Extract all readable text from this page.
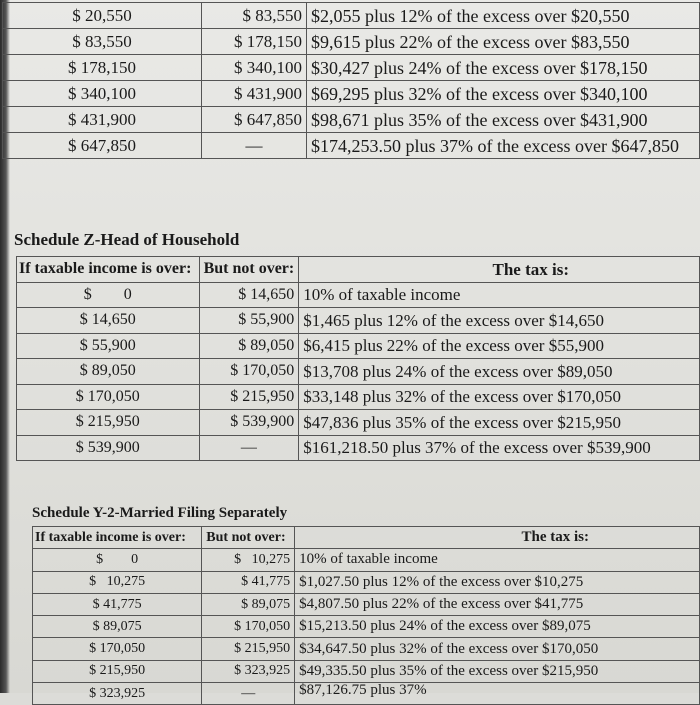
$ 20,550	$ 83,550	$2,055 plus 12% of the excess over $20,550
$ 83,550	$ 178,150	$9,615 plus 22% of the excess over $83,550
$ 178,150	$ 340,100	$30,427 plus 24% of the excess over $178,150
$ 340,100	$ 431,900	$69,295 plus 32% of the excess over $340,100
$ 431,900	$ 647,850	$98,671 plus 35% of the excess over $431,900
$ 647,850	—	$174,253.50 plus 37% of the excess over $647,850
Schedule Z-Head of Household
If taxable income is over:	But not over:	The tax is:
$        0	$ 14,650	10% of taxable income
$ 14,650	$ 55,900	$1,465 plus 12% of the excess over $14,650
$ 55,900	$ 89,050	$6,415 plus 22% of the excess over $55,900
$ 89,050	$ 170,050	$13,708 plus 24% of the excess over $89,050
$ 170,050	$ 215,950	$33,148 plus 32% of the excess over $170,050
$ 215,950	$ 539,900	$47,836 plus 35% of the excess over $215,950
$ 539,900	—	$161,218.50 plus 37% of the excess over $539,900
Schedule Y-2-Married Filing Separately
If taxable income is over:	But not over:	The tax is:
$        0	$   10,275	10% of taxable income
$   10,275	$ 41,775	$1,027.50 plus 12% of the excess over $10,275
$ 41,775	$ 89,075	$4,807.50 plus 22% of the excess over $41,775
$ 89,075	$ 170,050	$15,213.50 plus 24% of the excess over $89,075
$ 170,050	$ 215,950	$34,647.50 plus 32% of the excess over $170,050
$ 215,950	$ 323,925	$49,335.50 plus 35% of the excess over $215,950
$ 323,925	—	$87,126.75 plus 37%
